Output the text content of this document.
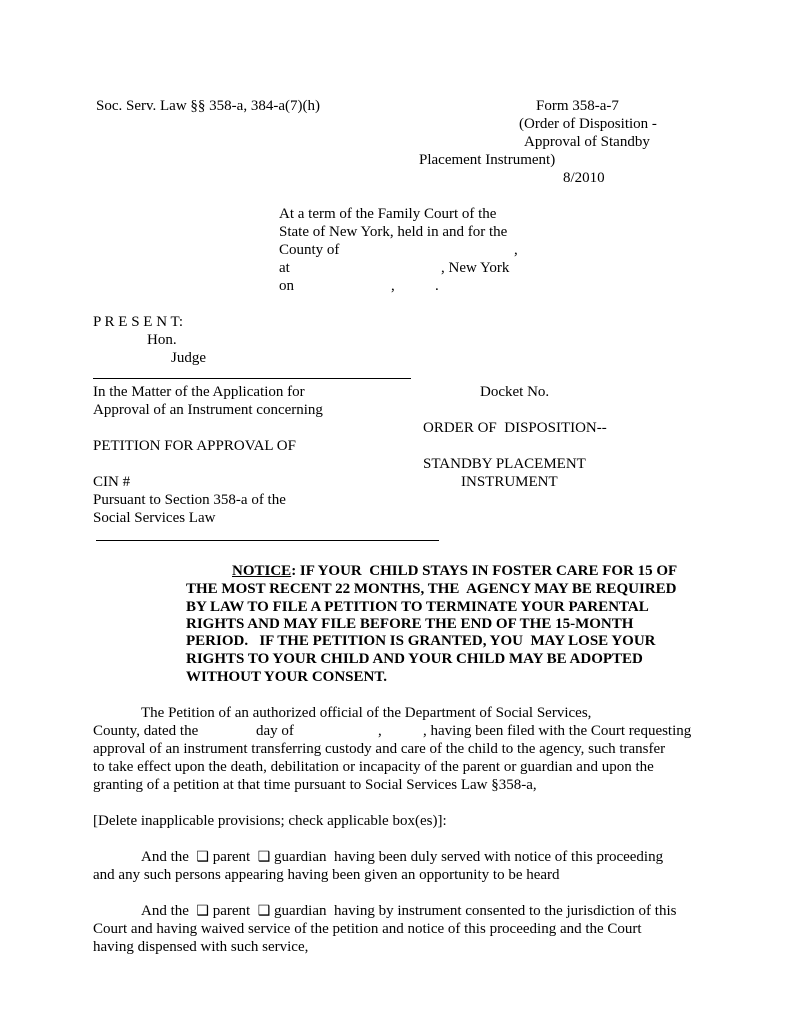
Soc. Serv. Law §§ 358-a, 384-a(7)(h)	Form 358-a-7
(Order of Disposition -
Approval of Standby
Placement Instrument)
8/2010
At a term of the Family Court of the
State of New York, held in and for the
County of	,
at	, New York
on	,	.
P R E S E N T:
Hon.
Judge
In the Matter of the Application for
Approval of an Instrument concerning
PETITION FOR APPROVAL OF
CIN #
Pursuant to Section 358-a of the
Social Services Law
Docket No.
ORDER OF  DISPOSITION--
STANDBY PLACEMENT
INSTRUMENT
NOTICE: IF YOUR  CHILD STAYS IN FOSTER CARE FOR 15 OF
THE MOST RECENT 22 MONTHS, THE  AGENCY MAY BE REQUIRED
BY LAW TO FILE A PETITION TO TERMINATE YOUR PARENTAL
RIGHTS AND MAY FILE BEFORE THE END OF THE 15-MONTH
PERIOD.   IF THE PETITION IS GRANTED, YOU  MAY LOSE YOUR
RIGHTS TO YOUR CHILD AND YOUR CHILD MAY BE ADOPTED
WITHOUT YOUR CONSENT.
The Petition of an authorized official of the Department of Social Services,
County, dated the	day of	,	, having been filed with the Court requesting
approval of an instrument transferring custody and care of the child to the agency, such transfer
to take effect upon the death, debilitation or incapacity of the parent or guardian and upon the
granting of a petition at that time pursuant to Social Services Law §358-a,
[Delete inapplicable provisions; check applicable box(es)]:
And the ❑ parent ❑ guardian having been duly served with notice of this proceeding
and any such persons appearing having been given an opportunity to be heard
And the ❑ parent ❑ guardian having by instrument consented to the jurisdiction of this
Court and having waived service of the petition and notice of this proceeding and the Court
having dispensed with such service,
